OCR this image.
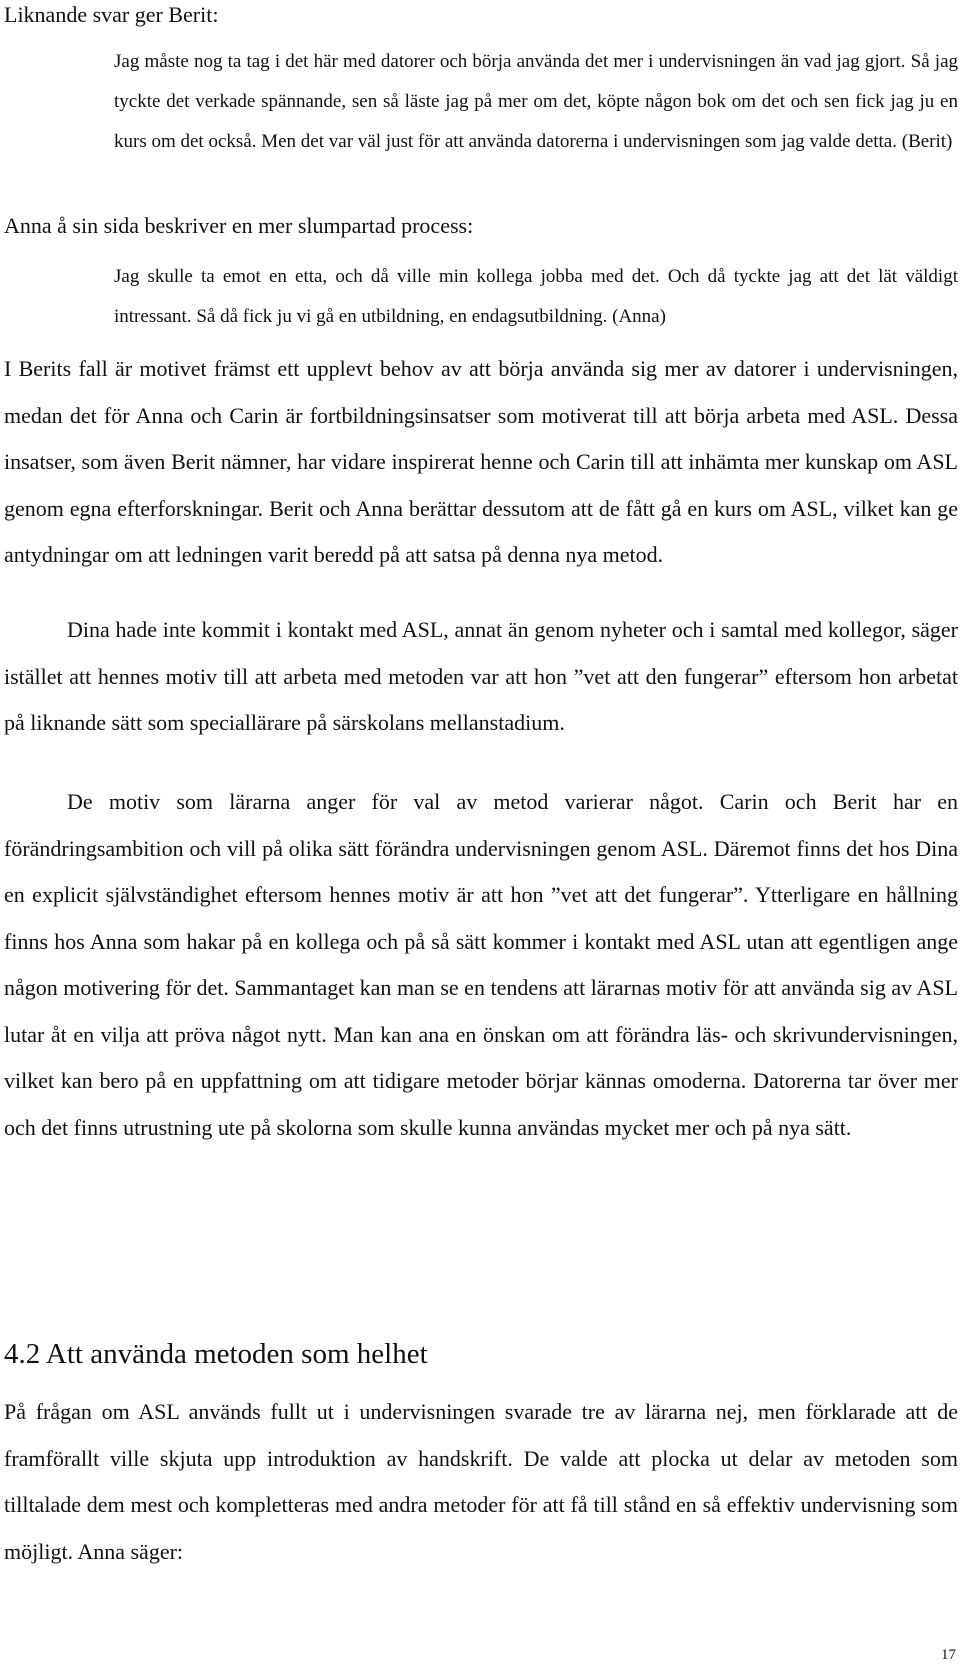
Liknande svar ger Berit:

Jag måste nog ta tag i det här med datorer och börja använda det mer i undervisningen än vad jag gjort. Så jag tyckte det verkade spännande, sen så läste jag på mer om det, köpte någon bok om det och sen fick jag ju en kurs om det också. Men det var väl just för att använda datorerna i undervisningen som jag valde detta. (Berit)

Anna å sin sida beskriver en mer slumpartad process:

Jag skulle ta emot en etta, och då ville min kollega jobba med det. Och då tyckte jag att det lät väldigt intressant. Så då fick ju vi gå en utbildning, en endagsutbildning. (Anna)

I Berits fall är motivet främst ett upplevt behov av att börja använda sig mer av datorer i undervisningen, medan det för Anna och Carin är fortbildningsinsatser som motiverat till att börja arbeta med ASL. Dessa insatser, som även Berit nämner, har vidare inspirerat henne och Carin till att inhämta mer kunskap om ASL genom egna efterforskningar. Berit och Anna berättar dessutom att de fått gå en kurs om ASL, vilket kan ge antydningar om att ledningen varit beredd på att satsa på denna nya metod.

Dina hade inte kommit i kontakt med ASL, annat än genom nyheter och i samtal med kollegor, säger istället att hennes motiv till att arbeta med metoden var att hon ”vet att den fungerar” eftersom hon arbetat på liknande sätt som speciallärare på särskolans mellanstadium.

De motiv som lärarna anger för val av metod varierar något. Carin och Berit har en förändringsambition och vill på olika sätt förändra undervisningen genom ASL. Däremot finns det hos Dina en explicit självständighet eftersom hennes motiv är att hon ”vet att det fungerar”. Ytterligare en hållning finns hos Anna som hakar på en kollega och på så sätt kommer i kontakt med ASL utan att egentligen ange någon motivering för det. Sammantaget kan man se en tendens att lärarnas motiv för att använda sig av ASL lutar åt en vilja att pröva något nytt. Man kan ana en önskan om att förändra läs- och skrivundervisningen, vilket kan bero på en uppfattning om att tidigare metoder börjar kännas omoderna. Datorerna tar över mer och det finns utrustning ute på skolorna som skulle kunna användas mycket mer och på nya sätt.

4.2 Att använda metoden som helhet

På frågan om ASL används fullt ut i undervisningen svarade tre av lärarna nej, men förklarade att de framförallt ville skjuta upp introduktion av handskrift. De valde att plocka ut delar av metoden som tilltalade dem mest och kompletteras med andra metoder för att få till stånd en så effektiv undervisning som möjligt. Anna säger:

17
